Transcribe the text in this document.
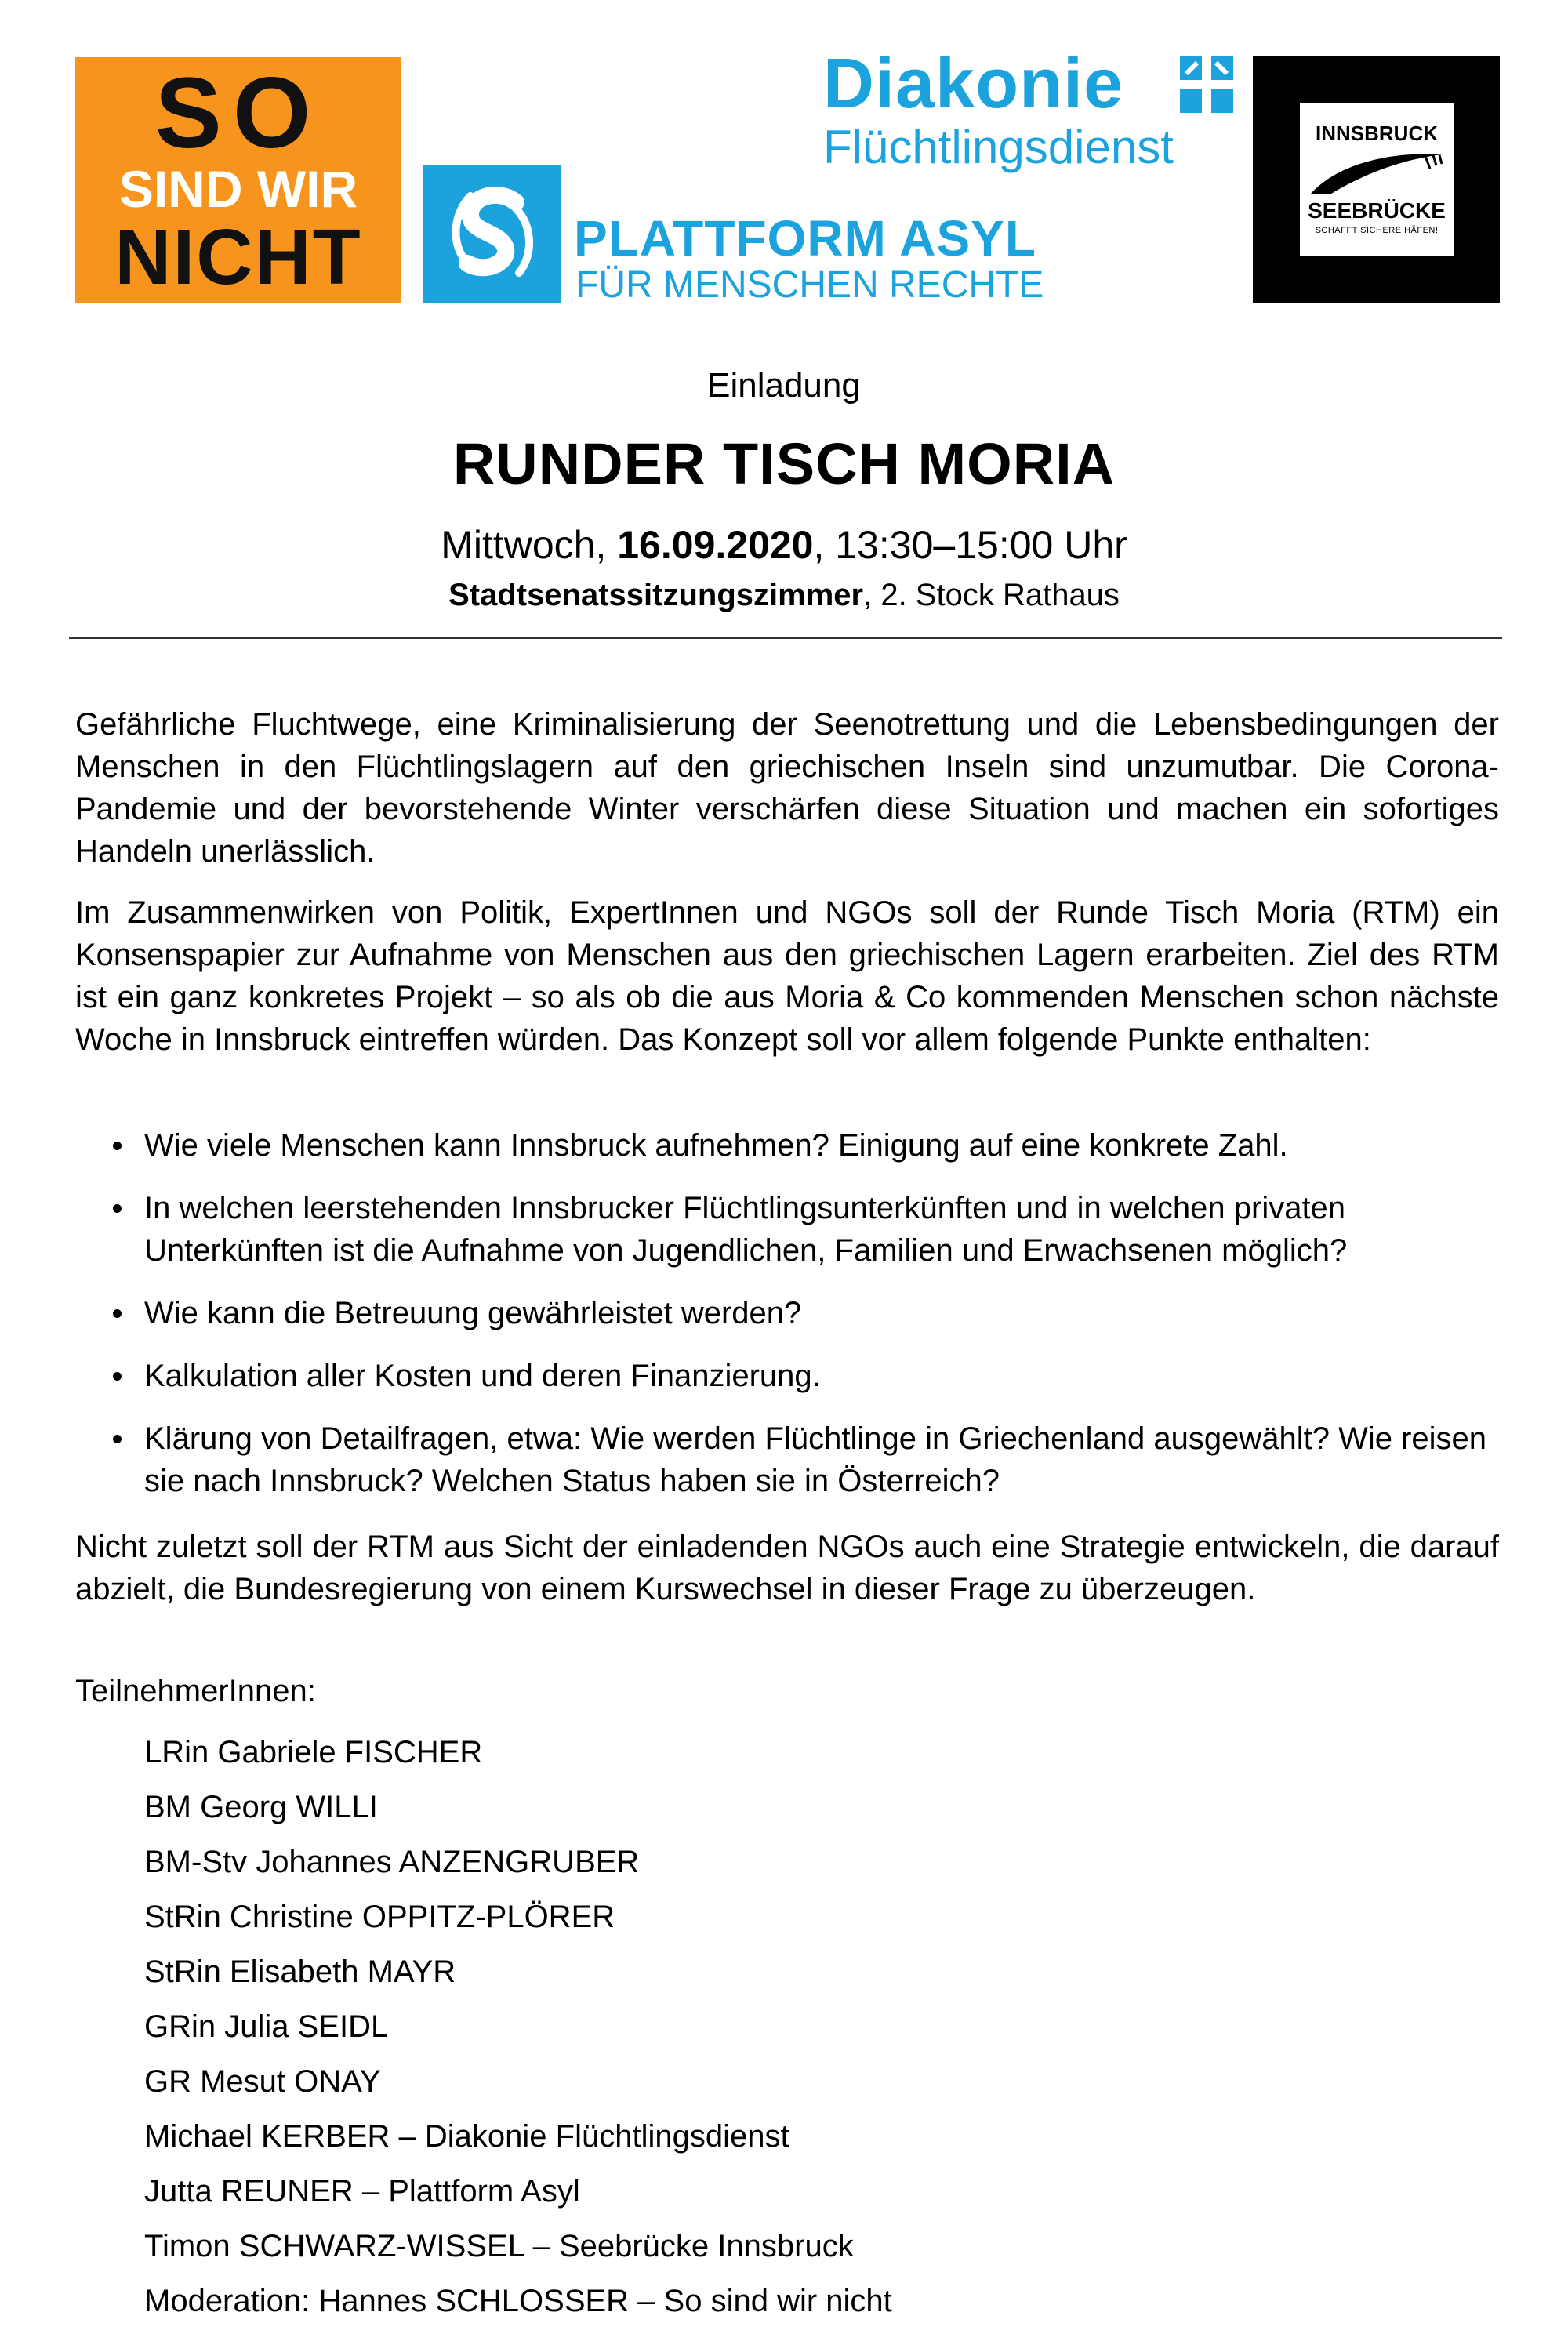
SO
SIND WIR
NICHT	PLATTFORM ASYL
FÜR MENSCHEN RECHTE
Diakonie
Flüchtlingsdienst	INNSBRUCK
SEEBRÜCKE
SCHAFFT SICHERE HÄFEN!
Einladung
RUNDER TISCH MORIA
Mittwoch, 16.09.2020, 13:30–15:00 Uhr
Stadtsenatssitzungszimmer, 2. Stock Rathaus

Gefährliche Fluchtwege, eine Kriminalisierung der Seenotrettung und die Lebensbedingungen der Menschen in den Flüchtlingslagern auf den griechischen Inseln sind unzumutbar. Die Corona-Pandemie und der bevorstehende Winter verschärfen diese Situation und machen ein sofortiges Handeln unerlässlich.

Im Zusammenwirken von Politik, ExpertInnen und NGOs soll der Runde Tisch Moria (RTM) ein Konsenspapier zur Aufnahme von Menschen aus den griechischen Lagern erarbeiten. Ziel des RTM ist ein ganz konkretes Projekt – so als ob die aus Moria & Co kommenden Menschen schon nächste Woche in Innsbruck eintreffen würden. Das Konzept soll vor allem folgende Punkte enthalten:

Wie viele Menschen kann Innsbruck aufnehmen? Einigung auf eine konkrete Zahl.
In welchen leerstehenden Innsbrucker Flüchtlingsunterkünften und in welchen privaten Unterkünften ist die Aufnahme von Jugendlichen, Familien und Erwachsenen möglich?
Wie kann die Betreuung gewährleistet werden?
Kalkulation aller Kosten und deren Finanzierung.
Klärung von Detailfragen, etwa: Wie werden Flüchtlinge in Griechenland ausgewählt? Wie reisen sie nach Innsbruck? Welchen Status haben sie in Österreich?

Nicht zuletzt soll der RTM aus Sicht der einladenden NGOs auch eine Strategie entwickeln, die darauf abzielt, die Bundesregierung von einem Kurswechsel in dieser Frage zu überzeugen.

TeilnehmerInnen:

LRin Gabriele FISCHER
BM Georg WILLI
BM-Stv Johannes ANZENGRUBER
StRin Christine OPPITZ-PLÖRER
StRin Elisabeth MAYR
GRin Julia SEIDL
GR Mesut ONAY
Michael KERBER – Diakonie Flüchtlingsdienst
Jutta REUNER – Plattform Asyl
Timon SCHWARZ-WISSEL – Seebrücke Innsbruck
Moderation: Hannes SCHLOSSER – So sind wir nicht
